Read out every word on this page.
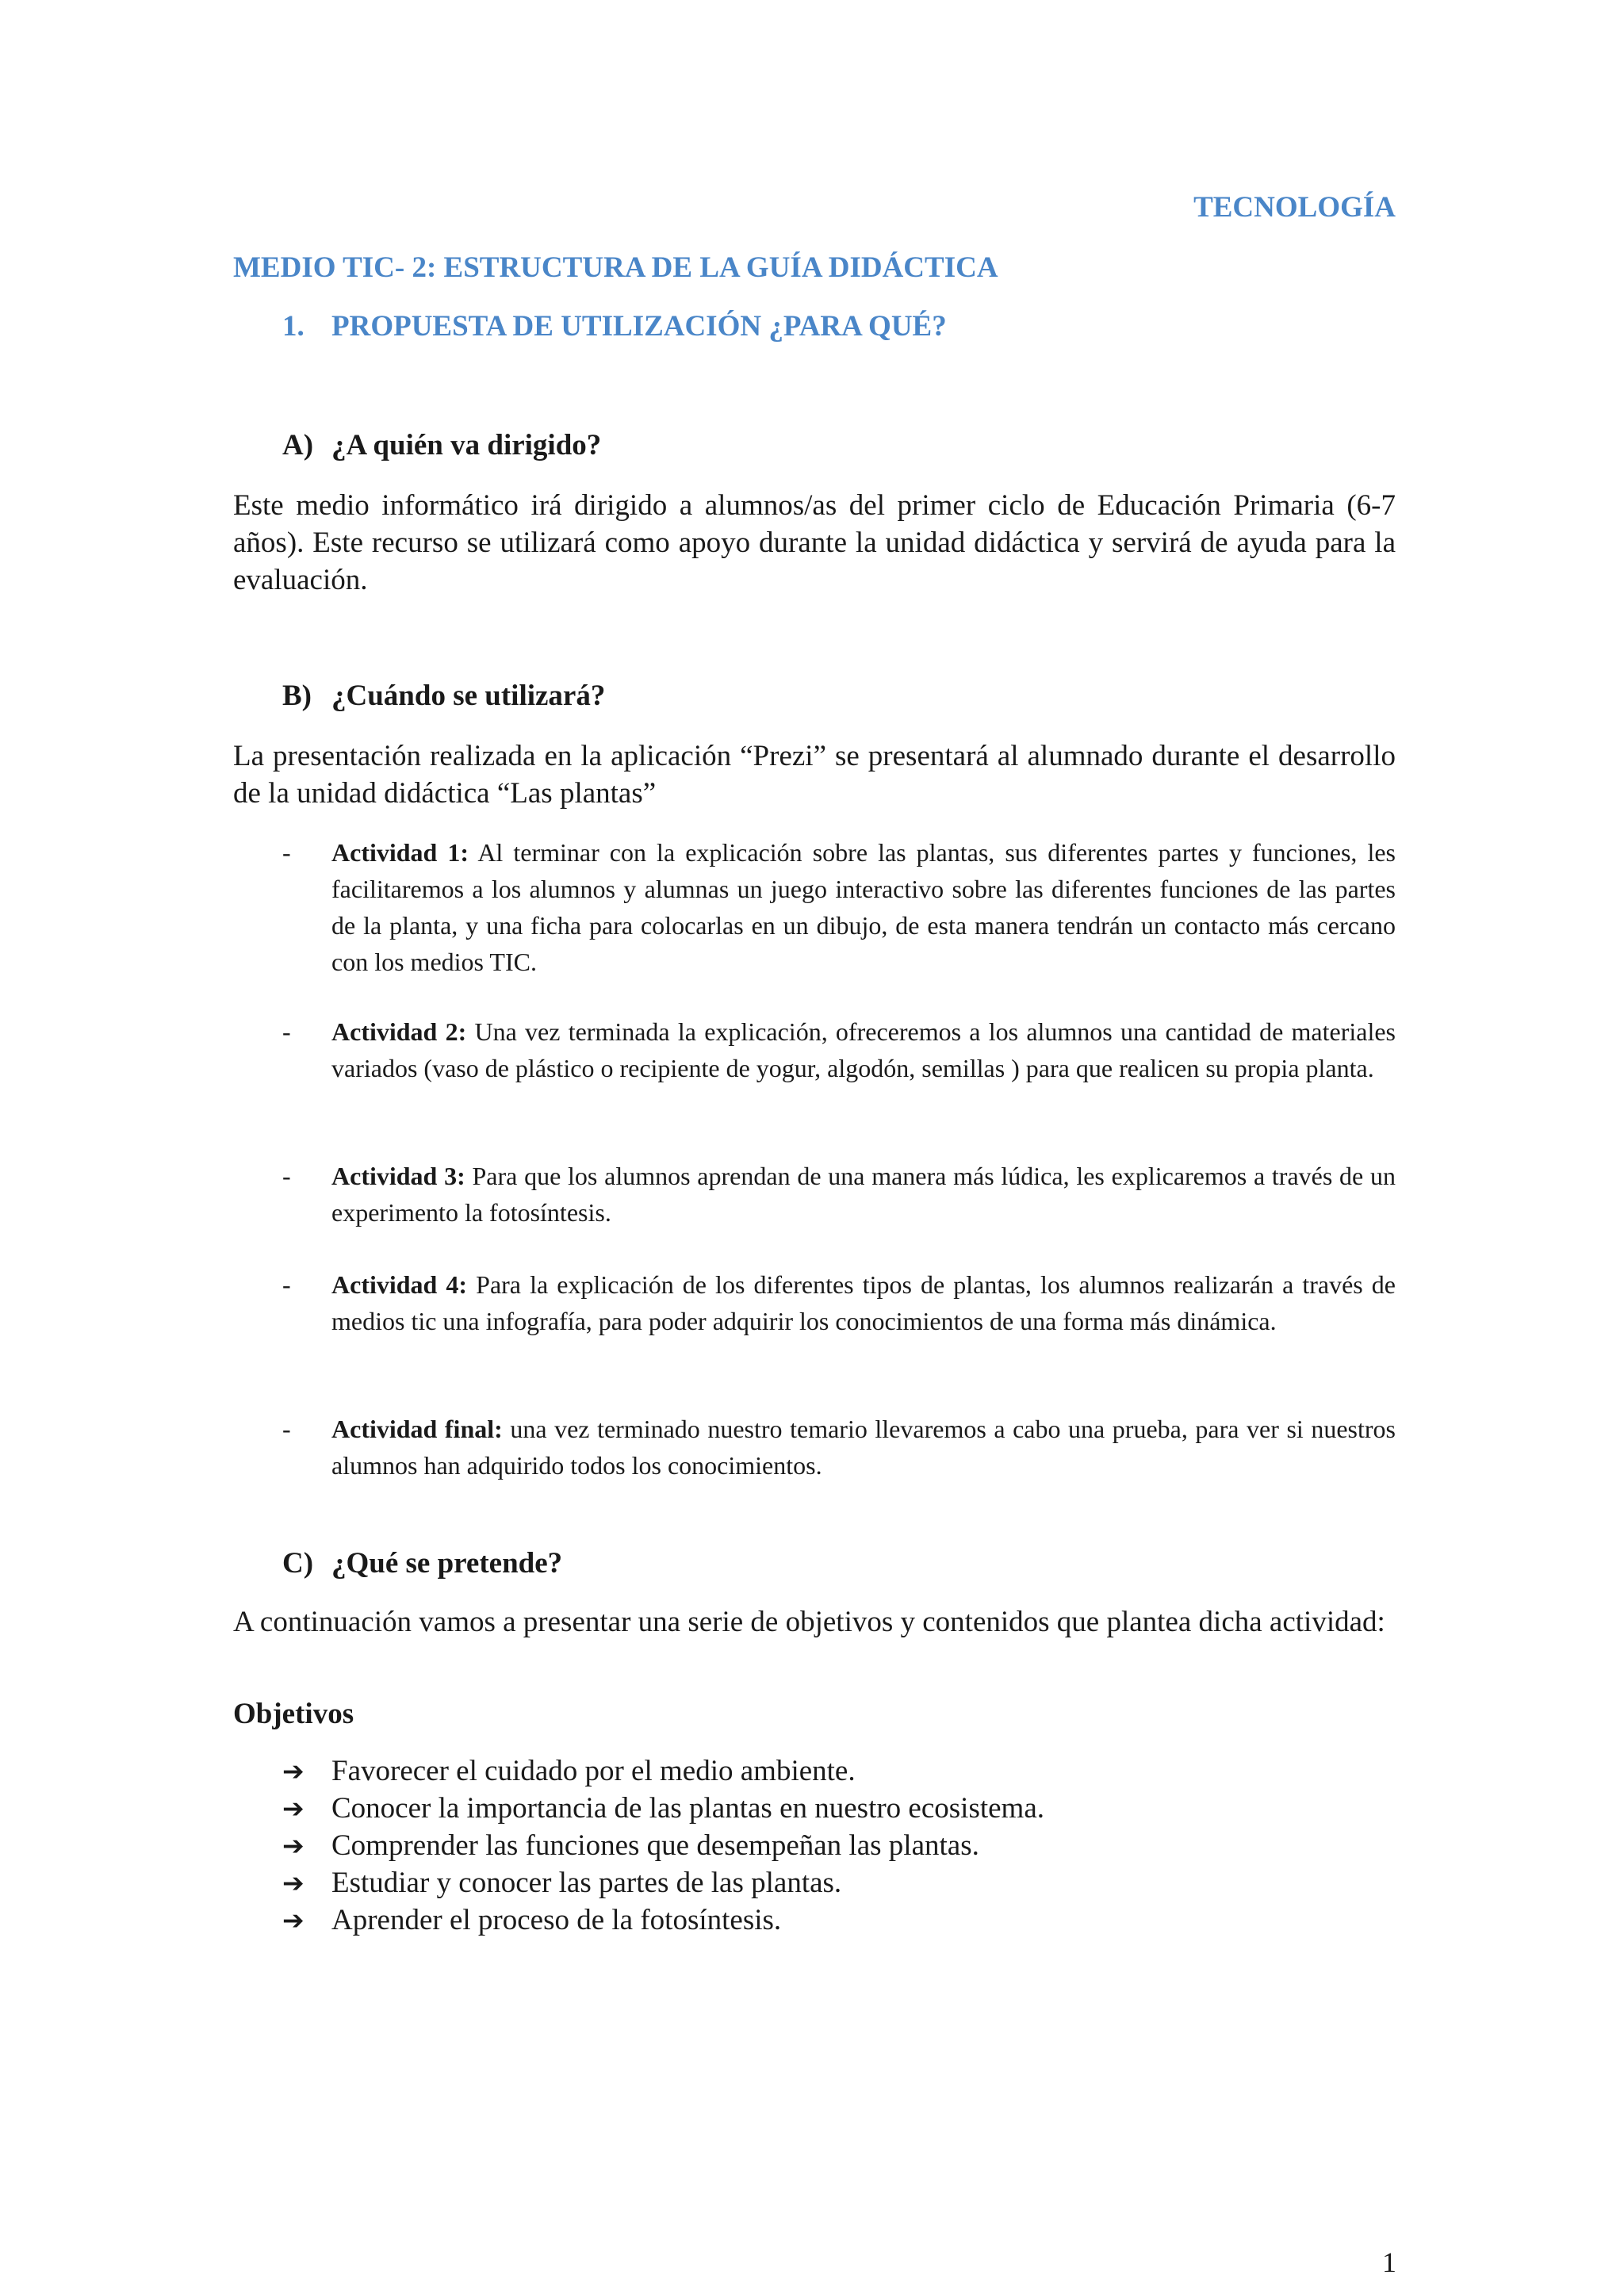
TECNOLOGÍA
MEDIO TIC- 2: ESTRUCTURA DE LA GUÍA DIDÁCTICA
1. PROPUESTA DE UTILIZACIÓN ¿PARA QUÉ?
A) ¿A quién va dirigido?
Este medio informático irá dirigido a alumnos/as del primer ciclo de Educación Primaria (6-7 años). Este recurso se utilizará como apoyo durante la unidad didáctica y servirá de ayuda para la evaluación.
B) ¿Cuándo se utilizará?
La presentación realizada en la aplicación “Prezi” se presentará al alumnado durante el desarrollo de la unidad didáctica “Las plantas”
- Actividad 1: Al terminar con la explicación sobre las plantas, sus diferentes partes y funciones, les facilitaremos a los alumnos y alumnas un juego interactivo sobre las diferentes funciones de las partes de la planta, y una ficha para colocarlas en un dibujo, de esta manera tendrán un contacto más cercano con los medios TIC.
- Actividad 2: Una vez terminada la explicación, ofreceremos a los alumnos una cantidad de materiales variados (vaso de plástico o recipiente de yogur, algodón, semillas ) para que realicen su propia planta.
- Actividad 3: Para que los alumnos aprendan de una manera más lúdica, les explicaremos a través de un experimento la fotosíntesis.
- Actividad 4: Para la explicación de los diferentes tipos de plantas, los alumnos realizarán a través de medios tic una infografía, para poder adquirir los conocimientos de una forma más dinámica.
- Actividad final: una vez terminado nuestro temario llevaremos a cabo una prueba, para ver si nuestros alumnos han adquirido todos los conocimientos.
C) ¿Qué se pretende?
A continuación vamos a presentar una serie de objetivos y contenidos que plantea dicha actividad:
Objetivos
➔ Favorecer el cuidado por el medio ambiente.
➔ Conocer la importancia de las plantas en nuestro ecosistema.
➔ Comprender las funciones que desempeñan las plantas.
➔ Estudiar y conocer las partes de las plantas.
➔ Aprender el proceso de la fotosíntesis.
1
